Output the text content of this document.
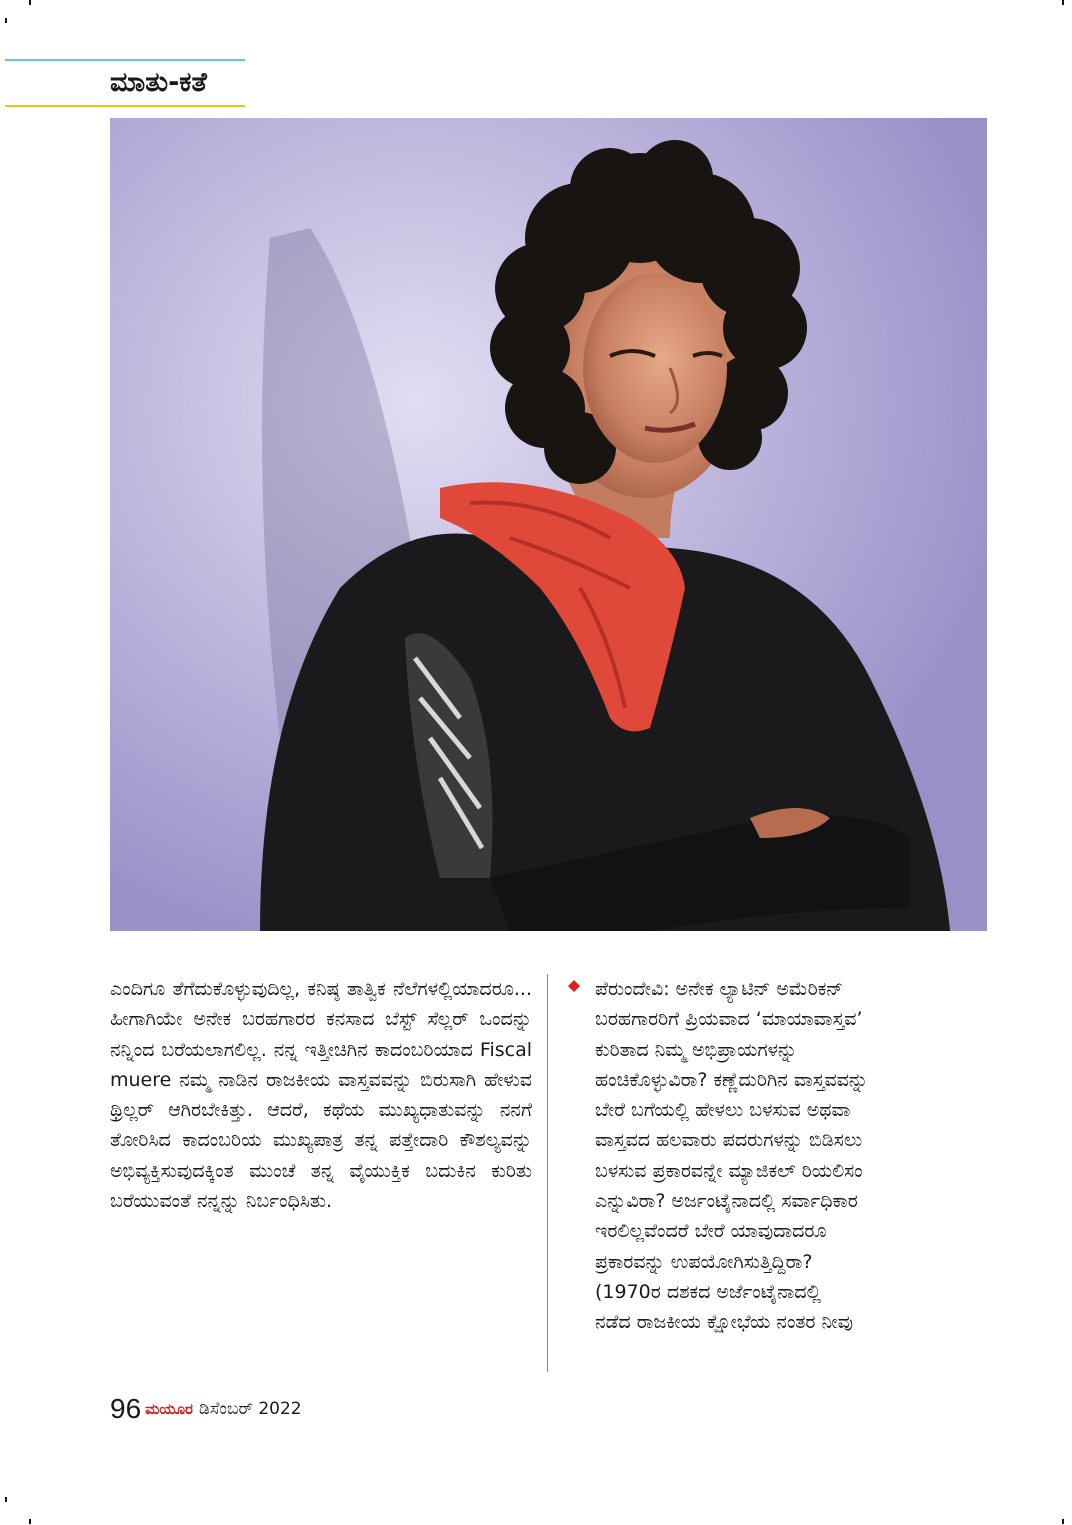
ಮಾತು-ಕತೆ

ಎಂದಿಗೂ ತೆಗೆದುಕೊಳ್ಳುವುದಿಲ್ಲ, ಕನಿಷ್ಠ ತಾತ್ವಿಕ ನೆಲೆಗಳಲ್ಲಿಯಾದರೂ... ಹೀಗಾಗಿಯೇ ಅನೇಕ ಬರಹಗಾರರ ಕನಸಾದ ಬೆಸ್ಟ್ ಸೆಲ್ಲರ್ ಒಂದನ್ನು ನನ್ನಿಂದ ಬರೆಯಲಾಗಲಿಲ್ಲ. ನನ್ನ ಇತ್ತೀಚಿಗಿನ ಕಾದಂಬರಿಯಾದ Fiscal muere ನಮ್ಮ ನಾಡಿನ ರಾಜಕೀಯ ವಾಸ್ತವವನ್ನು ಬಿರುಸಾಗಿ ಹೇಳುವ ಥ್ರಿಲ್ಲರ್ ಆಗಿರಬೇಕಿತ್ತು. ಆದರೆ, ಕಥೆಯ ಮುಖ್ಯಧಾತುವನ್ನು ನನಗೆ ತೋರಿಸಿದ ಕಾದಂಬರಿಯ ಮುಖ್ಯಪಾತ್ರ ತನ್ನ ಪತ್ತೇದಾರಿ ಕೌಶಲ್ಯವನ್ನು ಅಭಿವ್ಯಕ್ತಿಸುವುದಕ್ಕಿಂತ ಮುಂಚೆ ತನ್ನ ವೈಯುಕ್ತಿಕ ಬದುಕಿನ ಕುರಿತು ಬರೆಯುವಂತೆ ನನ್ನನ್ನು ನಿರ್ಬಂಧಿಸಿತು.

ಪೆರುಂದೇವಿ: ಅನೇಕ ಲ್ಯಾಟಿನ್ ಅಮೆರಿಕನ್
ಬರಹಗಾರರಿಗೆ ಪ್ರಿಯವಾದ ‘ಮಾಯಾವಾಸ್ತವ’
ಕುರಿತಾದ ನಿಮ್ಮ ಅಭಿಪ್ರಾಯಗಳನ್ನು
ಹಂಚಿಕೊಳ್ಳುವಿರಾ? ಕಣ್ಣೆದುರಿಗಿನ ವಾಸ್ತವವನ್ನು
ಬೇರೆ ಬಗೆಯಲ್ಲಿ ಹೇಳಲು ಬಳಸುವ ಅಥವಾ
ವಾಸ್ತವದ ಹಲವಾರು ಪದರುಗಳನ್ನು ಬಿಡಿಸಲು
ಬಳಸುವ ಪ್ರಕಾರವನ್ನೇ ಮ್ಯಾಜಿಕಲ್ ರಿಯಲಿಸಂ
ಎನ್ನುವಿರಾ? ಅರ್ಜಂಟೈನಾದಲ್ಲಿ ಸರ್ವಾಧಿಕಾರ
ಇರಲಿಲ್ಲವೆಂದರೆ ಬೇರೆ ಯಾವುದಾದರೂ
ಪ್ರಕಾರವನ್ನು ಉಪಯೋಗಿಸುತ್ತಿದ್ದಿರಾ?
(1970ರ ದಶಕದ ಅರ್ಜೆಂಟೈನಾದಲ್ಲಿ
ನಡೆದ ರಾಜಕೀಯ ಕ್ಷೋಭೆಯ ನಂತರ ನೀವು
96 ಮಯೂರ ಡಿಸೆಂಬರ್ 2022
